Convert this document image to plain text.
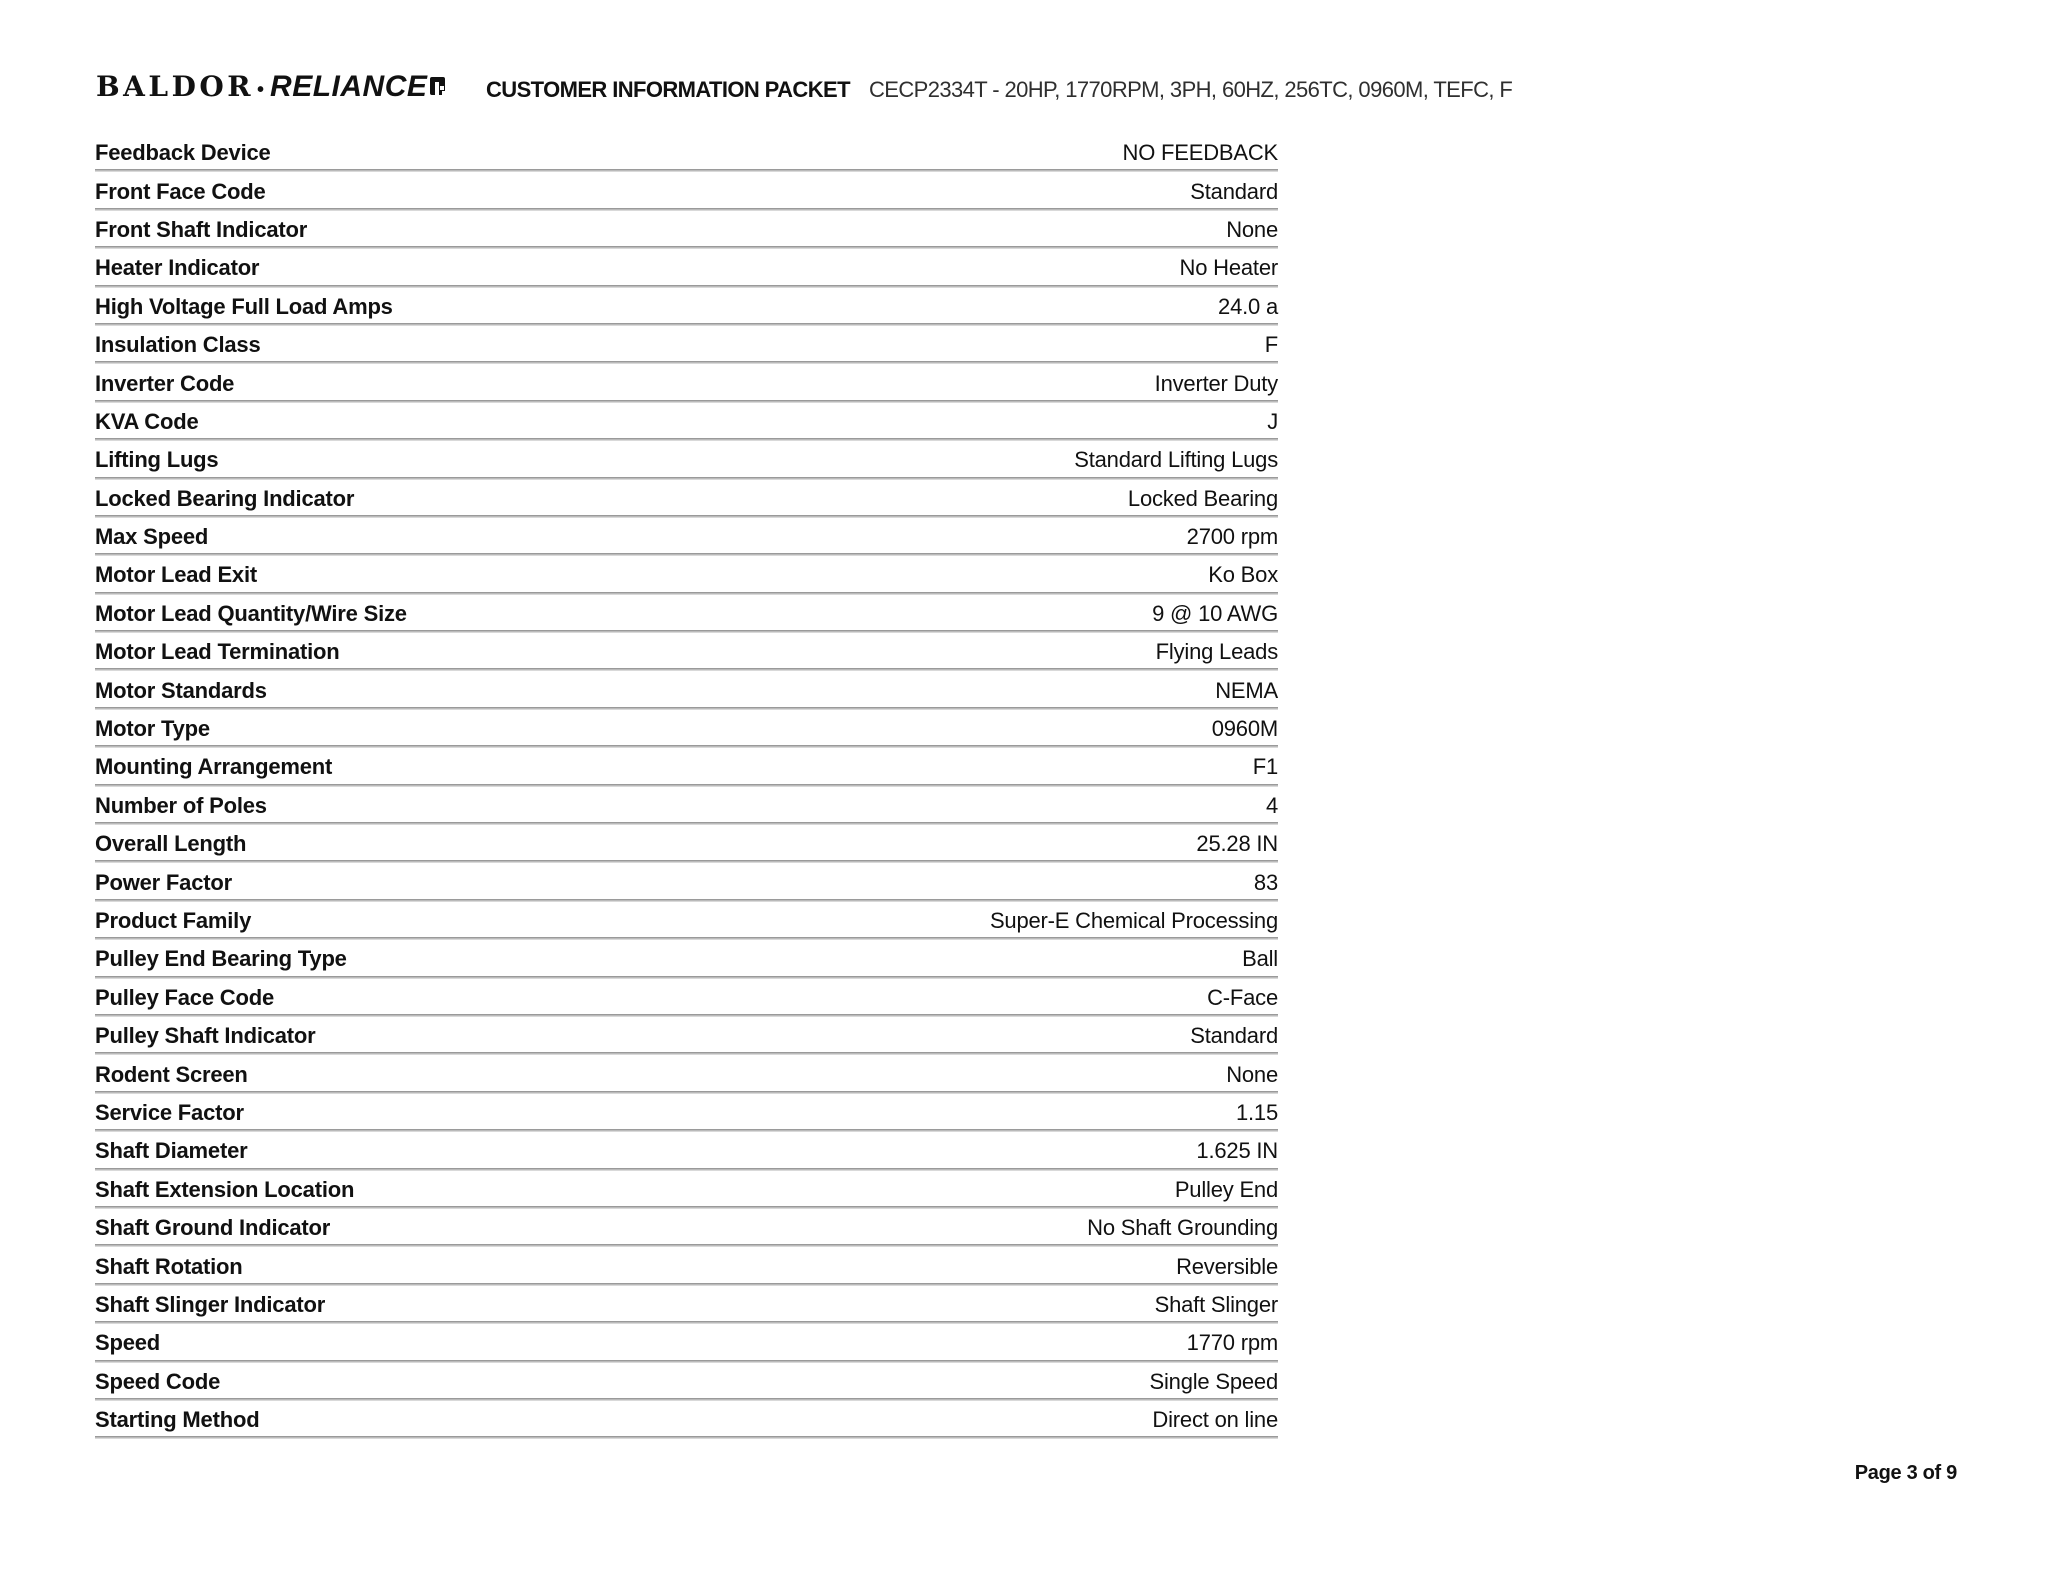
BALDOR • RELIANCE	CUSTOMER INFORMATION PACKET CECP2334T - 20HP, 1770RPM, 3PH, 60HZ, 256TC, 0960M, TEFC, F
Feedback Device	NO FEEDBACK
Front Face Code	Standard
Front Shaft Indicator	None
Heater Indicator	No Heater
High Voltage Full Load Amps	24.0 a
Insulation Class	F
Inverter Code	Inverter Duty
KVA Code	J
Lifting Lugs	Standard Lifting Lugs
Locked Bearing Indicator	Locked Bearing
Max Speed	2700 rpm
Motor Lead Exit	Ko Box
Motor Lead Quantity/Wire Size	9 @ 10 AWG
Motor Lead Termination	Flying Leads
Motor Standards	NEMA
Motor Type	0960M
Mounting Arrangement	F1
Number of Poles	4
Overall Length	25.28 IN
Power Factor	83
Product Family	Super-E Chemical Processing
Pulley End Bearing Type	Ball
Pulley Face Code	C-Face
Pulley Shaft Indicator	Standard
Rodent Screen	None
Service Factor	1.15
Shaft Diameter	1.625 IN
Shaft Extension Location	Pulley End
Shaft Ground Indicator	No Shaft Grounding
Shaft Rotation	Reversible
Shaft Slinger Indicator	Shaft Slinger
Speed	1770 rpm
Speed Code	Single Speed
Starting Method	Direct on line
Page 3 of 9
